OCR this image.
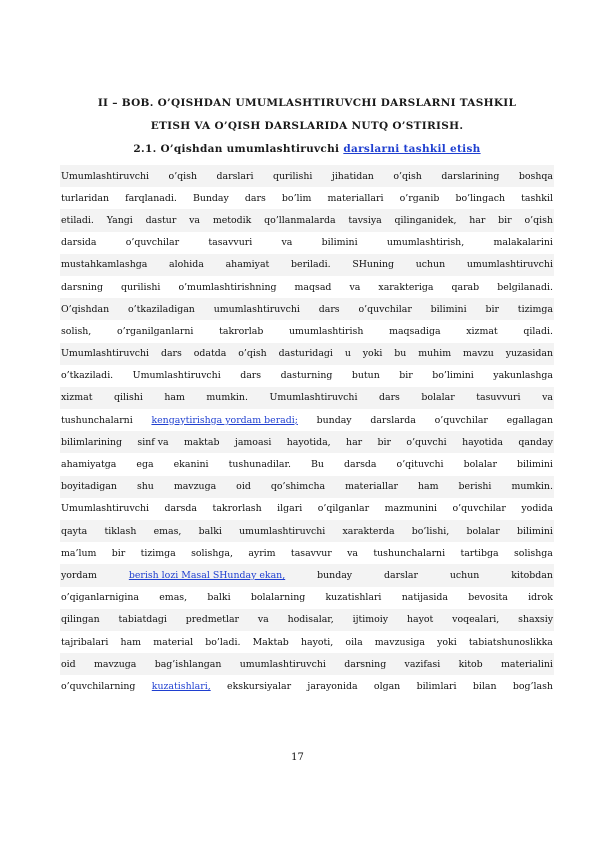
II – BOB. O’QISHDAN UMUMLASHTIRUVCHI DARSLARNI TASHKIL
ETISH VA O’QISH DARSLARIDA NUTQ O’STIRISH.
2.1. O’qishdan umumlashtiruvchi darslarni tashkil etish
Umumlashtiruvchi o’qish darslari qurilishi jihatidan o’qish darslarining boshqa
turlaridan farqlanadi. Bunday dars bo’lim materiallari o’rganib bo’lingach tashkil
etiladi. Yangi dastur va metodik qo’llanmalarda tavsiya qilinganidek, har bir o’qish
darsida	o’quvchilar	tasavvuri	va	bilimini	umumlashtirish,	malakalarini
mustahkamlashga alohida ahamiyat beriladi. SHuning uchun umumlashtiruvchi
darsning qurilishi o’mumlashtirishning maqsad va xarakteriga qarab belgilanadi.
O’qishdan o’tkaziladigan umumlashtiruvchi dars o’quvchilar bilimini bir tizimga
solish,	o’rganilganlarni	takrorlab	umumlashtirish	maqsadiga	xizmat	qiladi.
Umumlashtiruvchi dars odatda o’qish dasturidagi u yoki bu muhim mavzu yuzasidan
o’tkaziladi. Umumlashtiruvchi dars dasturning butun bir bo’limini yakunlashga
xizmat qilishi ham mumkin. Umumlashtiruvchi dars bolalar tasuvvuri va
tushunchalarni kengaytirishga yordam beradi; bunday darslarda o’quvchilar egallagan
bilimlarining sinf va maktab jamoasi hayotida, har bir o’quvchi hayotida qanday
ahamiyatga ega ekanini tushunadilar. Bu darsda o’qituvchi bolalar bilimini
boyitadigan shu mavzuga oid qo’shimcha materiallar ham berishi mumkin.
Umumlashtiruvchi darsda takrorlash ilgari o’qilganlar mazmunini o’quvchilar yodida
qayta tiklash emas, balki umumlashtiruvchi xarakterda bo’lishi, bolalar bilimini
ma’lum bir tizimga solishga, ayrim tasavvur va tushunchalarni tartibga solishga
yordam	berish lozi Masal SHunday ekan,	bunday	darslar	uchun	kitobdan
o’qiganlarnigina emas, balki bolalarning kuzatishlari natijasida bevosita idrok
qilingan tabiatdagi predmetlar va hodisalar, ijtimoiy hayot voqealari, shaxsiy
tajribalari ham material bo’ladi. Maktab hayoti, oila mavzusiga yoki tabiatshunoslikka
oid mavzuga bag’ishlangan umumlashtiruvchi darsning vazifasi kitob materialini
o’quvchilarning kuzatishlari, ekskursiyalar jarayonida olgan bilimlari bilan bog’lash
17
